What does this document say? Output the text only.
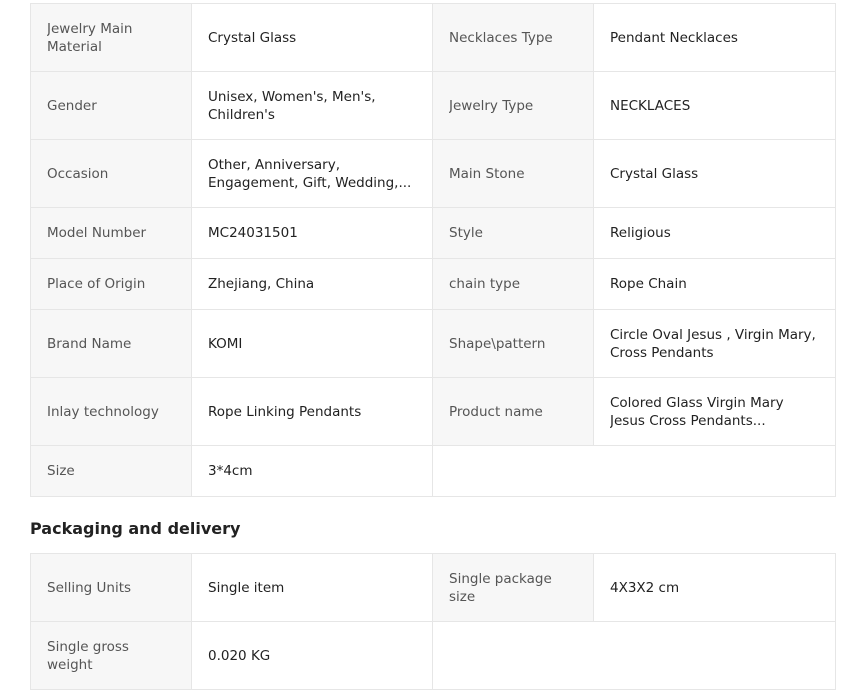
Jewelry Main Material	Crystal Glass	Necklaces Type	Pendant Necklaces

Gender	Unisex, Women's, Men's, Children's	Jewelry Type	NECKLACES

Occasion	Other, Anniversary, Engagement, Gift, Wedding,...	Main Stone	Crystal Glass

Model Number	MC24031501	Style	Religious

Place of Origin	Zhejiang, China	chain type	Rope Chain

Brand Name	KOMI	Shape\pattern	Circle Oval Jesus , Virgin Mary, Cross Pendants

Inlay technology	Rope Linking Pendants	Product name	Colored Glass Virgin Mary Jesus Cross Pendants...

Size	3*4cm		

Packaging and delivery
Selling Units	Single item	Single package size	4X3X2 cm

Single gross weight	0.020 KG		
